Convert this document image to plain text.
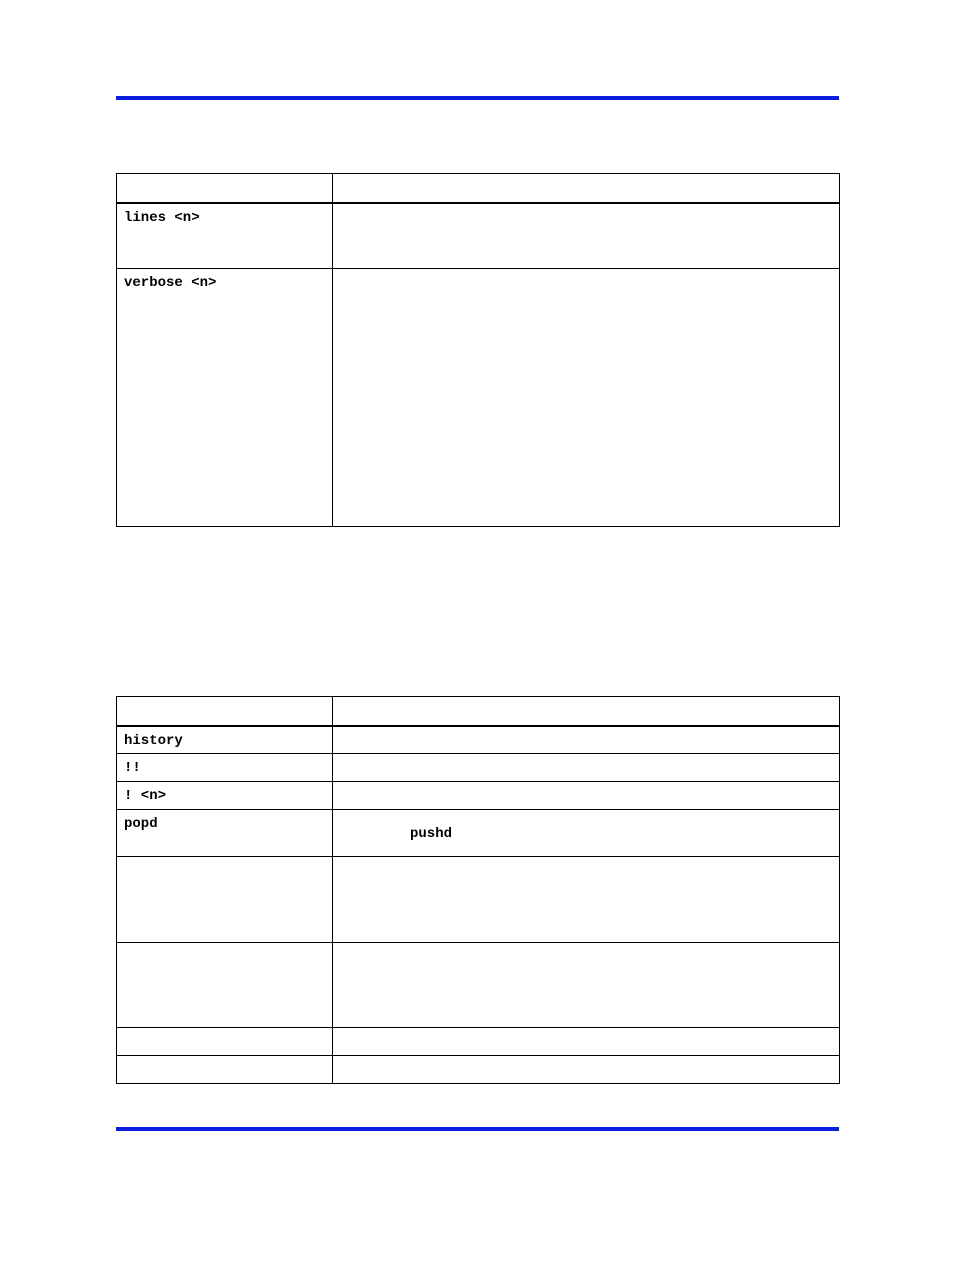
lines <n>	
verbose <n>	

history	
!!	
! <n>	
popd	pushd
